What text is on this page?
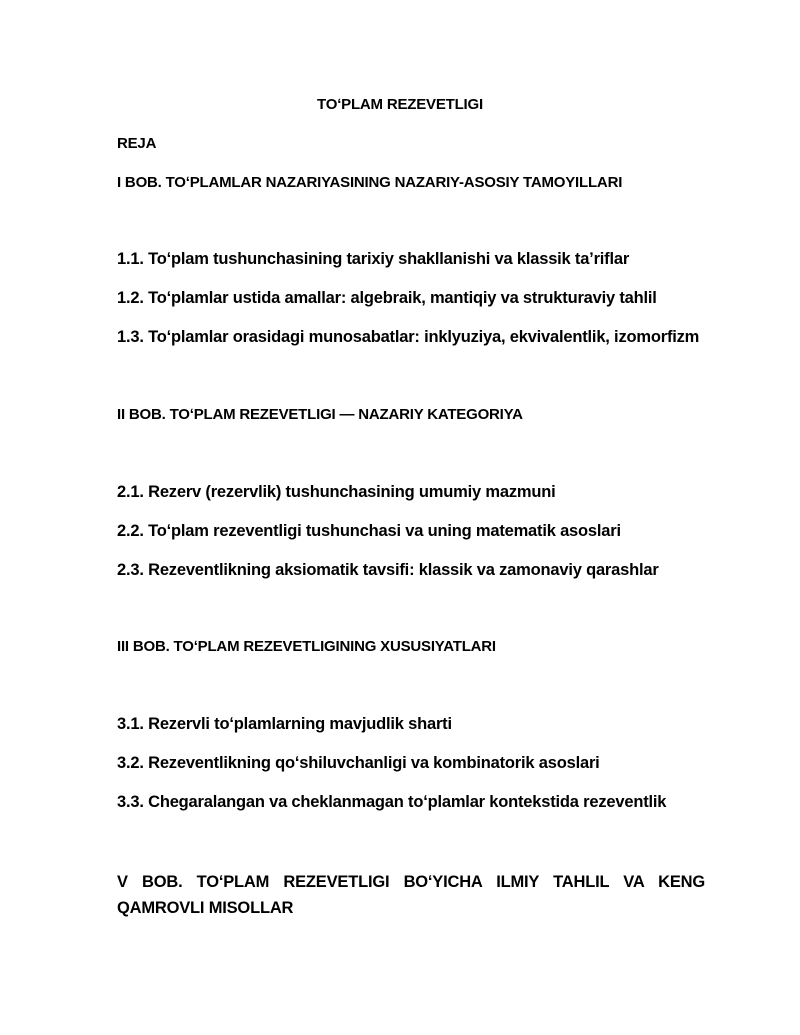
TOʻPLAM REZEVETLIGI
REJA
I BOB. TOʻPLAMLAR NAZARIYASINING NAZARIY-ASOSIY TAMOYILLARI
1.1. Toʻplam tushunchasining tarixiy shakllanishi va klassik taʼriflar
1.2. Toʻplamlar ustida amallar: algebraik, mantiqiy va strukturaviy tahlil
1.3. Toʻplamlar orasidagi munosabatlar: inklyuziya, ekvivalentlik, izomorfizm
II BOB. TOʻPLAM REZEVETLIGI — NAZARIY KATEGORIYA
2.1. Rezerv (rezervlik) tushunchasining umumiy mazmuni
2.2. Toʻplam rezeventligi tushunchasi va uning matematik asoslari
2.3. Rezeventlikning aksiomatik tavsifi: klassik va zamonaviy qarashlar
III BOB. TOʻPLAM REZEVETLIGINING XUSUSIYATLARI
3.1. Rezervli toʻplamlarning mavjudlik sharti
3.2. Rezeventlikning qoʻshiluvchanligi va kombinatorik asoslari
3.3. Chegaralangan va cheklanmagan toʻplamlar kontekstida rezeventlik
V BOB. TOʻPLAM REZEVETLIGI BOʻYICHA ILMIY TAHLIL VA KENG QAMROVLI MISOLLAR
